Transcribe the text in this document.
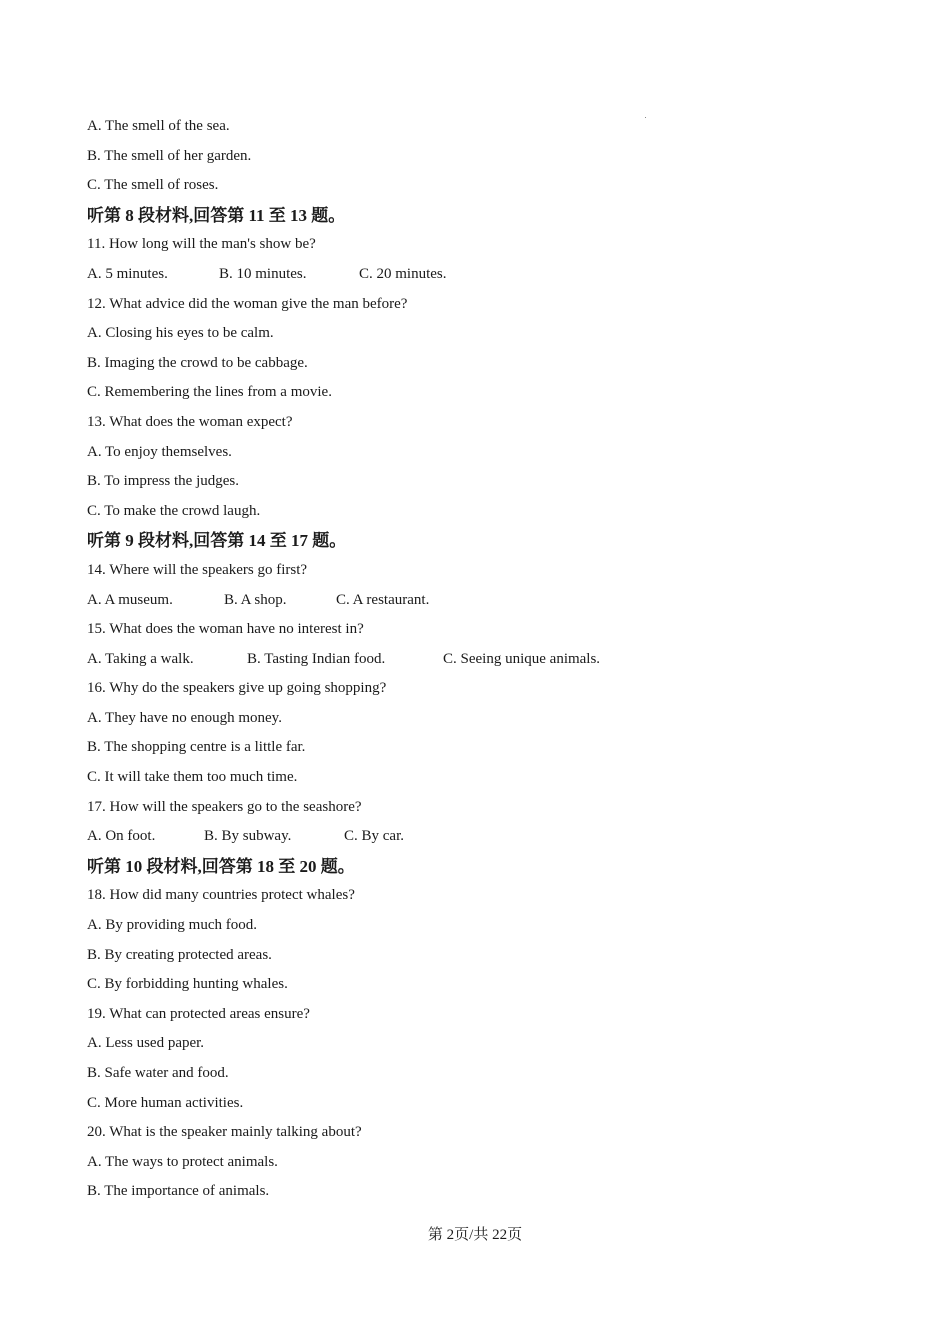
A. The smell of the sea.
B. The smell of her garden.
C. The smell of roses.
听第 8 段材料,回答第 11 至 13 题。
11. How long will the man's show be?
A. 5 minutes.	B. 10 minutes.	C. 20 minutes.
12. What advice did the woman give the man before?
A. Closing his eyes to be calm.
B. Imaging the crowd to be cabbage.
C. Remembering the lines from a movie.
13. What does the woman expect?
A. To enjoy themselves.
B. To impress the judges.
C. To make the crowd laugh.
听第 9 段材料,回答第 14 至 17 题。
14. Where will the speakers go first?
A. A museum.	B. A shop.	C. A restaurant.
15. What does the woman have no interest in?
A. Taking a walk.	B. Tasting Indian food.	C. Seeing unique animals.
16. Why do the speakers give up going shopping?
A. They have no enough money.
B. The shopping centre is a little far.
C. It will take them too much time.
17. How will the speakers go to the seashore?
A. On foot.	B. By subway.	C. By car.
听第 10 段材料,回答第 18 至 20 题。
18. How did many countries protect whales?
A. By providing much food.
B. By creating protected areas.
C. By forbidding hunting whales.
19. What can protected areas ensure?
A. Less used paper.
B. Safe water and food.
C. More human activities.
20. What is the speaker mainly talking about?
A. The ways to protect animals.
B. The importance of animals.
第 2页/共 22页
